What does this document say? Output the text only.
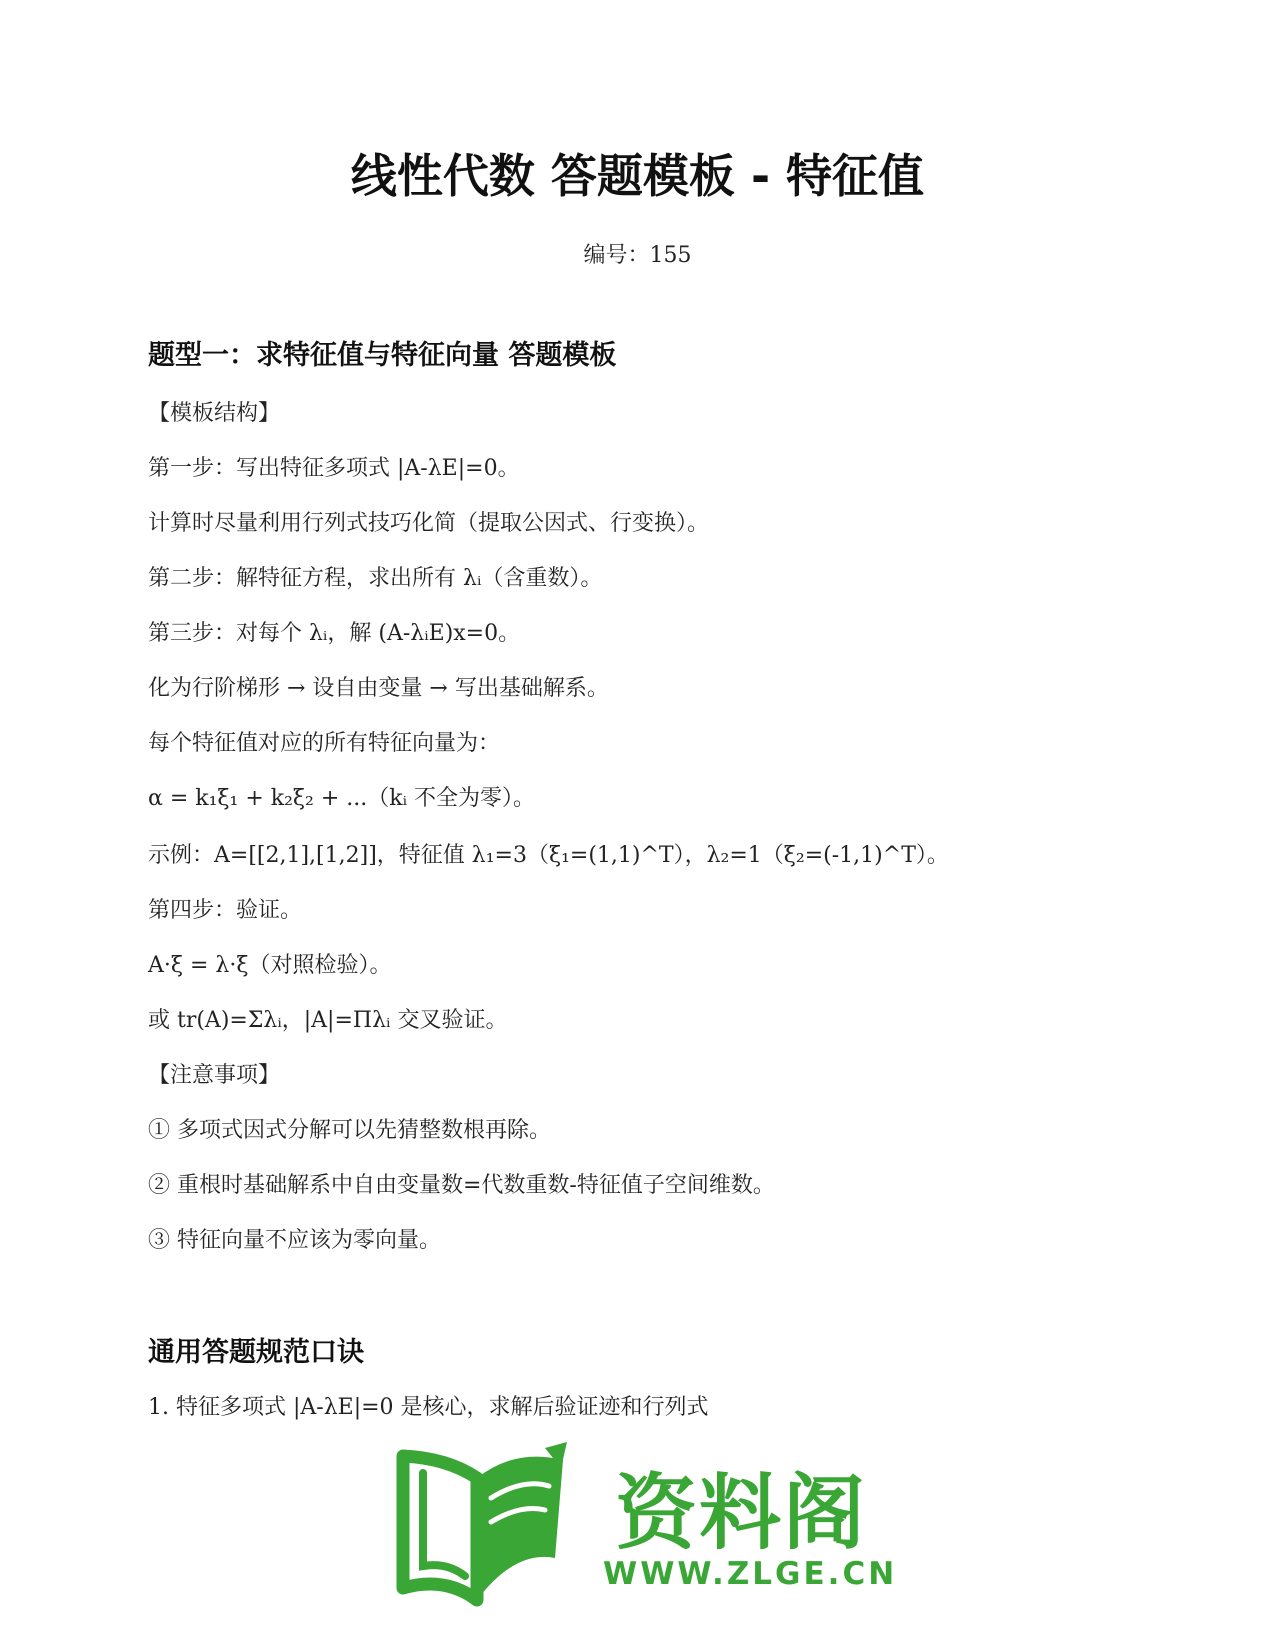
线性代数 答题模板 - 特征值
编号：155
题型一：求特征值与特征向量 答题模板
【模板结构】
第一步：写出特征多项式 |A-λE|=0。
计算时尽量利用行列式技巧化简（提取公因式、行变换）。
第二步：解特征方程，求出所有 λᵢ（含重数）。
第三步：对每个 λᵢ，解 (A-λᵢE)x=0。
化为行阶梯形 → 设自由变量 → 写出基础解系。
每个特征值对应的所有特征向量为：
α = k₁ξ₁ + k₂ξ₂ + ...（kᵢ 不全为零）。
示例：A=[[2,1],[1,2]]，特征值 λ₁=3（ξ₁=(1,1)^T），λ₂=1（ξ₂=(-1,1)^T）。
第四步：验证。
A·ξ = λ·ξ（对照检验）。
或 tr(A)=Σλᵢ，|A|=Πλᵢ 交叉验证。
【注意事项】
① 多项式因式分解可以先猜整数根再除。
② 重根时基础解系中自由变量数=代数重数-特征值子空间维数。
③ 特征向量不应该为零向量。
通用答题规范口诀
1. 特征多项式 |A-λE|=0 是核心，求解后验证迹和行列式
资料阁
WWW.ZLGE.CN
